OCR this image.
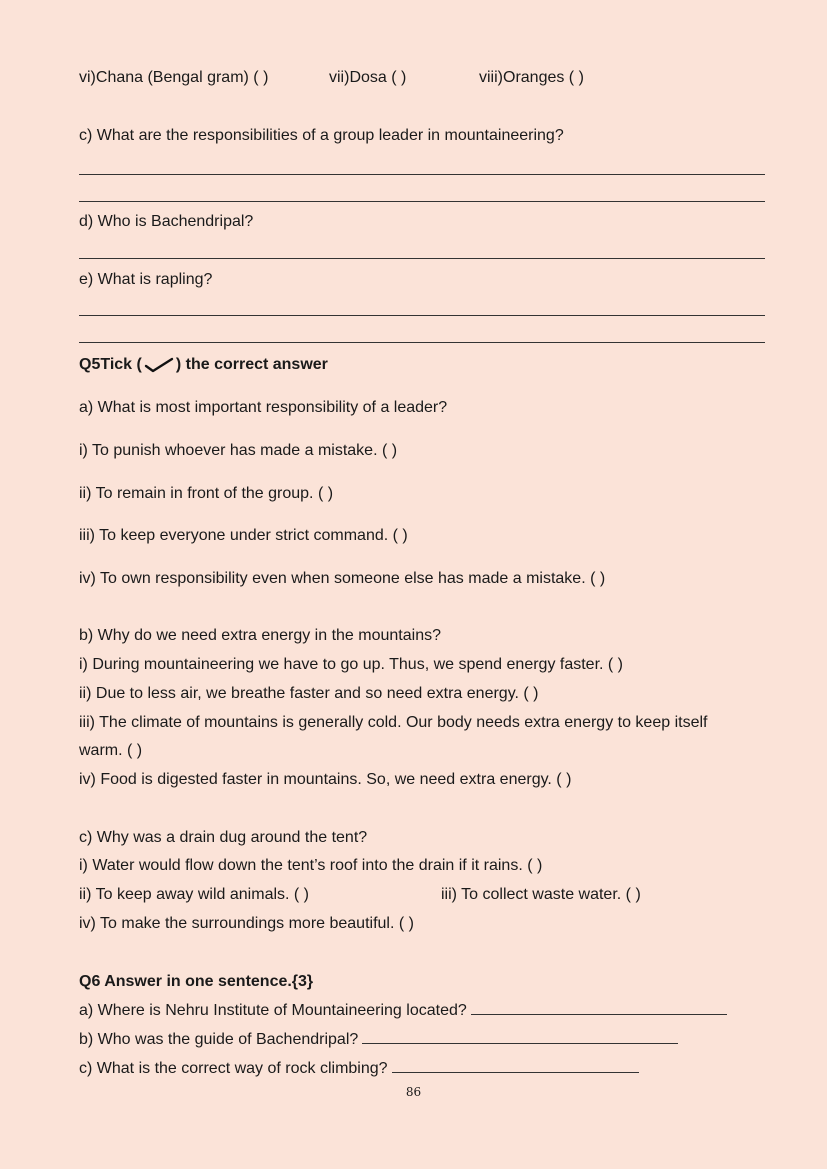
vi)Chana (Bengal gram) ( )	vii)Dosa ( )	viii)Oranges ( )
c) What are the responsibilities of a group leader in mountaineering?
d) Who is Bachendripal?
e) What is rapling?
Q5Tick ( ) the correct answer
a) What is most important responsibility of a leader?
i) To punish whoever has made a mistake. ( )
ii) To remain in front of the group. ( )
iii) To keep everyone under strict command. ( )
iv) To own responsibility even when someone else has made a mistake. ( )
b) Why do we need extra energy in the mountains?
i) During mountaineering we have to go up. Thus, we spend energy faster. ( )
ii) Due to less air, we breathe faster and so need extra energy. ( )
iii) The climate of mountains is generally cold. Our body needs extra energy to keep itself
warm. ( )
iv) Food is digested faster in mountains. So, we need extra energy. ( )
c) Why was a drain dug around the tent?
i) Water would flow down the tent’s roof into the drain if it rains. ( )
ii) To keep away wild animals. ( )	iii) To collect waste water. ( )
iv) To make the surroundings more beautiful. ( )
Q6 Answer in one sentence.{3}
a) Where is Nehru Institute of Mountaineering located?
b) Who was the guide of Bachendripal?
c) What is the correct way of rock climbing?
86
